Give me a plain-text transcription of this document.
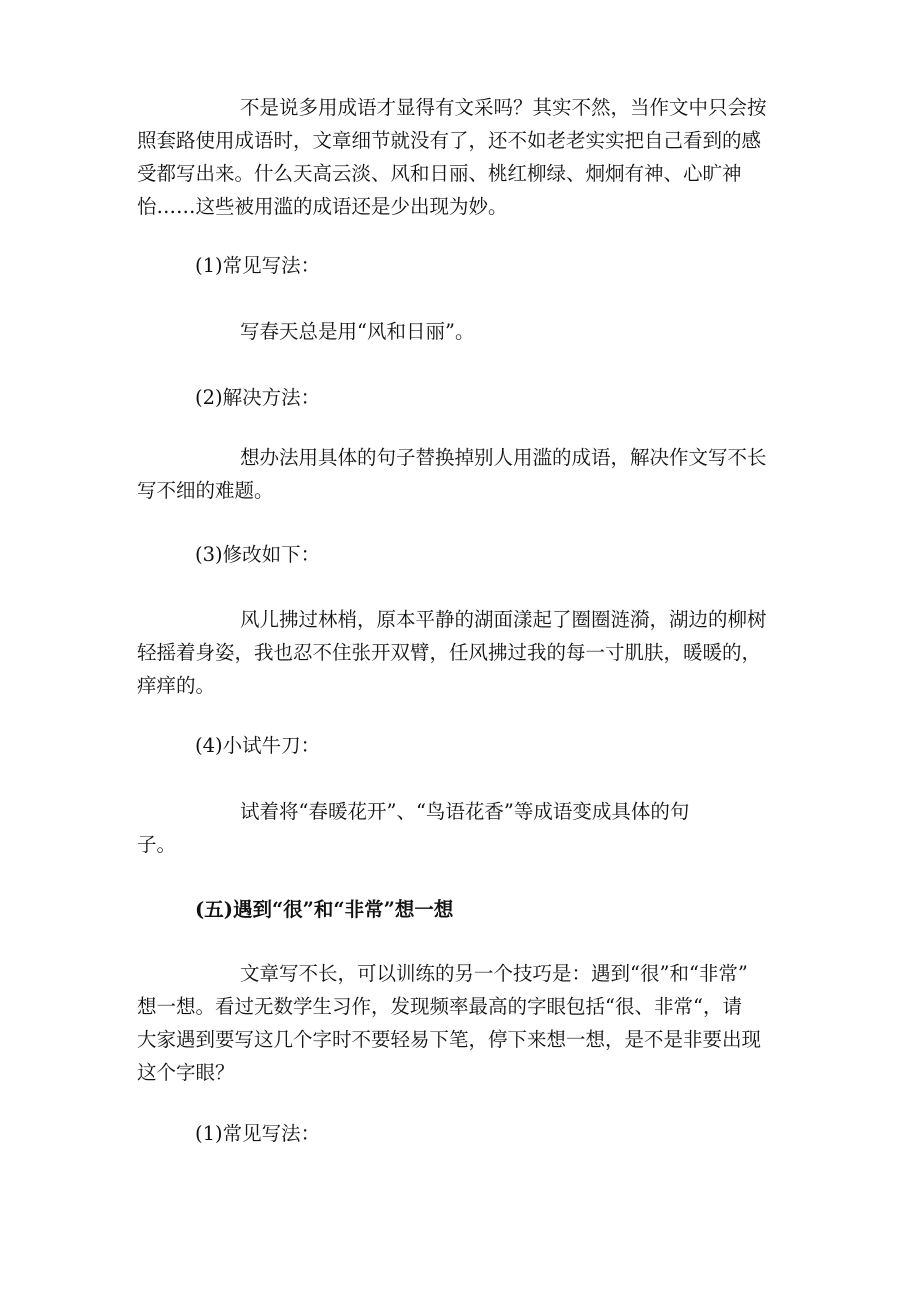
不是说多用成语才显得有文采吗？其实不然，当作文中只会按
照套路使用成语时，文章细节就没有了，还不如老老实实把自己看到的感
受都写出来。什么天高云淡、风和日丽、桃红柳绿、炯炯有神、心旷神
怡……这些被用滥的成语还是少出现为妙。

(1)常见写法：

写春天总是用“风和日丽”。

(2)解决方法：

想办法用具体的句子替换掉别人用滥的成语，解决作文写不长
写不细的难题。

(3)修改如下：

风儿拂过林梢，原本平静的湖面漾起了圈圈涟漪，湖边的柳树
轻摇着身姿，我也忍不住张开双臂，任风拂过我的每一寸肌肤，暖暖的，
痒痒的。

(4)小试牛刀：

试着将“春暖花开”、“鸟语花香”等成语变成具体的句
子。

(五)遇到“很”和“非常”想一想

文章写不长，可以训练的另一个技巧是：遇到“很”和“非常”
想一想。看过无数学生习作，发现频率最高的字眼包括“很、非常“，请
大家遇到要写这几个字时不要轻易下笔，停下来想一想，是不是非要出现
这个字眼？

(1)常见写法：
